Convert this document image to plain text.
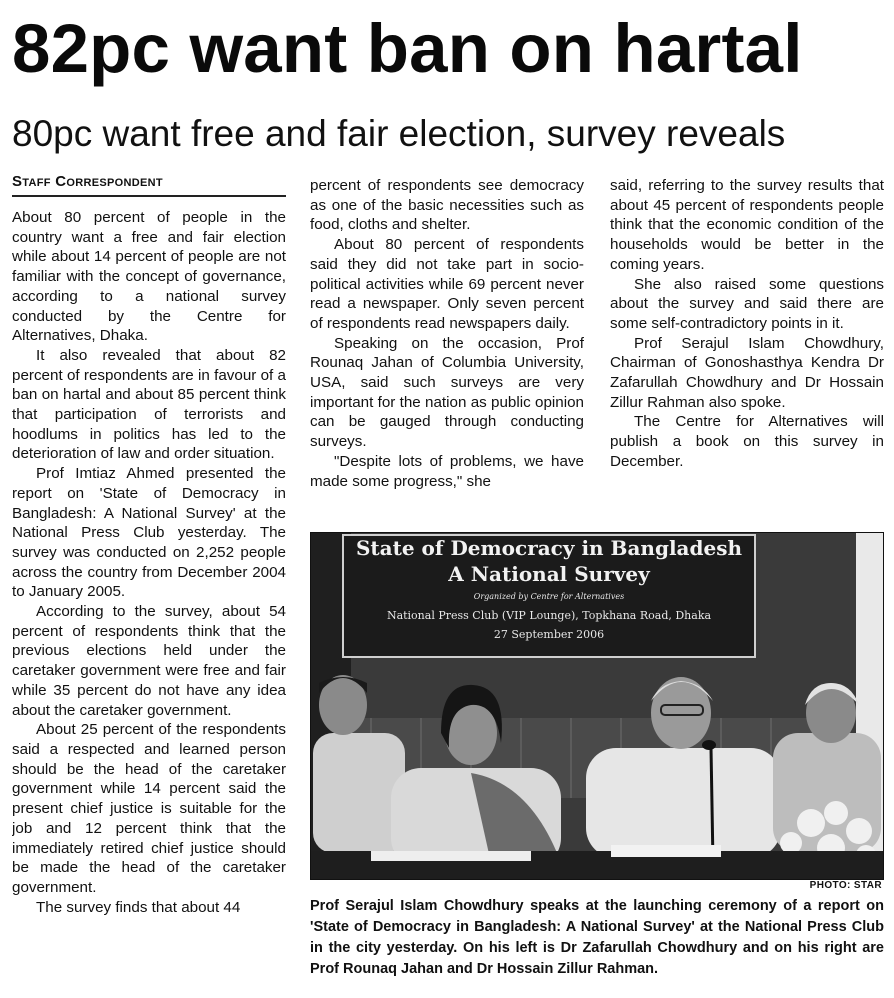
82pc want ban on hartal
80pc want free and fair election, survey reveals
Staff Correspondent

About 80 percent of people in the country want a free and fair election while about 14 percent of people are not familiar with the concept of governance, according to a national survey conducted by the Centre for Alternatives, Dhaka.

It also revealed that about 82 percent of respondents are in favour of a ban on hartal and about 85 percent think that participation of terrorists and hoodlums in politics has led to the deterioration of law and order situation.

Prof Imtiaz Ahmed presented the report on 'State of Democracy in Bangladesh: A National Survey' at the National Press Club yesterday. The survey was conducted on 2,252 people across the country from December 2004 to January 2005.

According to the survey, about 54 percent of respondents think that the previous elections held under the caretaker government were free and fair while 35 percent do not have any idea about the caretaker government.

About 25 percent of the respondents said a respected and learned person should be the head of the caretaker government while 14 percent said the present chief justice is suitable for the job and 12 percent think that the immediately retired chief justice should be made the head of the caretaker government.

The survey finds that about 44

percent of respondents see democracy as one of the basic necessities such as food, cloths and shelter.

About 80 percent of respondents said they did not take part in socio-political activities while 69 percent never read a newspaper. Only seven percent of respondents read newspapers daily.

Speaking on the occasion, Prof Rounaq Jahan of Columbia University, USA, said such surveys are very important for the nation as public opinion can be gauged through conducting surveys.

"Despite lots of problems, we have made some progress," she

said, referring to the survey results that about 45 percent of respondents people think that the economic condition of the households would be better in the coming years.

She also raised some questions about the survey and said there are some self-contradictory points in it.

Prof Serajul Islam Chowdhury, Chairman of Gonoshasthya Kendra Dr Zafarullah Chowdhury and Dr Hossain Zillur Rahman also spoke.

The Centre for Alternatives will publish a book on this survey in December.

State of Democracy in Bangladesh
A National Survey
Organized by Centre for Alternatives
National Press Club (VIP Lounge), Topkhana Road, Dhaka
27 September 2006
PHOTO: STAR
Prof Serajul Islam Chowdhury speaks at the launching ceremony of a report on 'State of Democracy in Bangladesh: A National Survey' at the National Press Club in the city yesterday. On his left is Dr Zafarullah Chowdhury and on his right are Prof Rounaq Jahan and Dr Hossain Zillur Rahman.
